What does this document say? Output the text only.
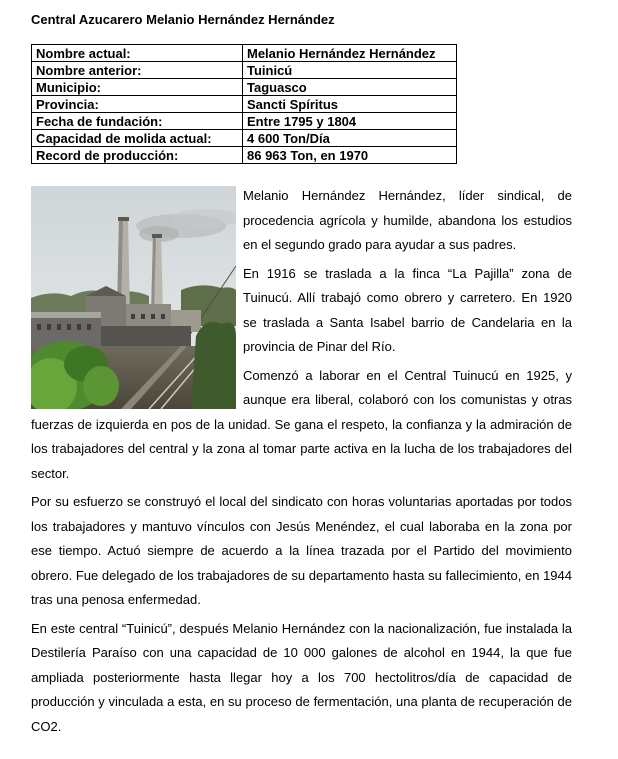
Central Azucarero Melanio Hernández Hernández
Nombre actual:	Melanio Hernández Hernández
Nombre anterior:	Tuinicú
Municipio:	Taguasco
Provincia:	Sancti Spíritus
Fecha de fundación:	Entre 1795 y 1804
Capacidad de molida actual:	4 600 Ton/Día
Record de producción:	86 963 Ton, en 1970

Melanio Hernández Hernández, líder sindical, de procedencia agrícola y humilde, abandona los estudios en el segundo grado para ayudar a sus padres.

En 1916 se traslada a la finca “La Pajilla” zona de Tuinucú. Allí trabajó como obrero y carretero. En 1920 se traslada a Santa Isabel barrio de Candelaria en la provincia de Pinar del Río.

Comenzó a laborar en el Central Tuinucú en 1925, y aunque era liberal, colaboró con los comunistas y otras fuerzas de izquierda en pos de la unidad. Se gana el respeto, la confianza y la admiración de los trabajadores del central y la zona al tomar parte activa en la lucha de los trabajadores del sector.

Por su esfuerzo se construyó el local del sindicato con horas voluntarias aportadas por todos los trabajadores y mantuvo vínculos con Jesús Menéndez, el cual laboraba en la zona por ese tiempo. Actuó siempre de acuerdo a la línea trazada por el Partido del movimiento obrero. Fue delegado de los trabajadores de su departamento hasta su fallecimiento, en 1944 tras una penosa enfermedad.

En este central “Tuinicú”, después Melanio Hernández con la nacionalización, fue instalada la Destilería Paraíso con una capacidad de 10 000 galones de alcohol en 1944, la que fue ampliada posteriormente hasta llegar hoy a los 700 hectolitros/día de capacidad de producción y vinculada a esta, en su proceso de fermentación, una planta de recuperación de CO2.
